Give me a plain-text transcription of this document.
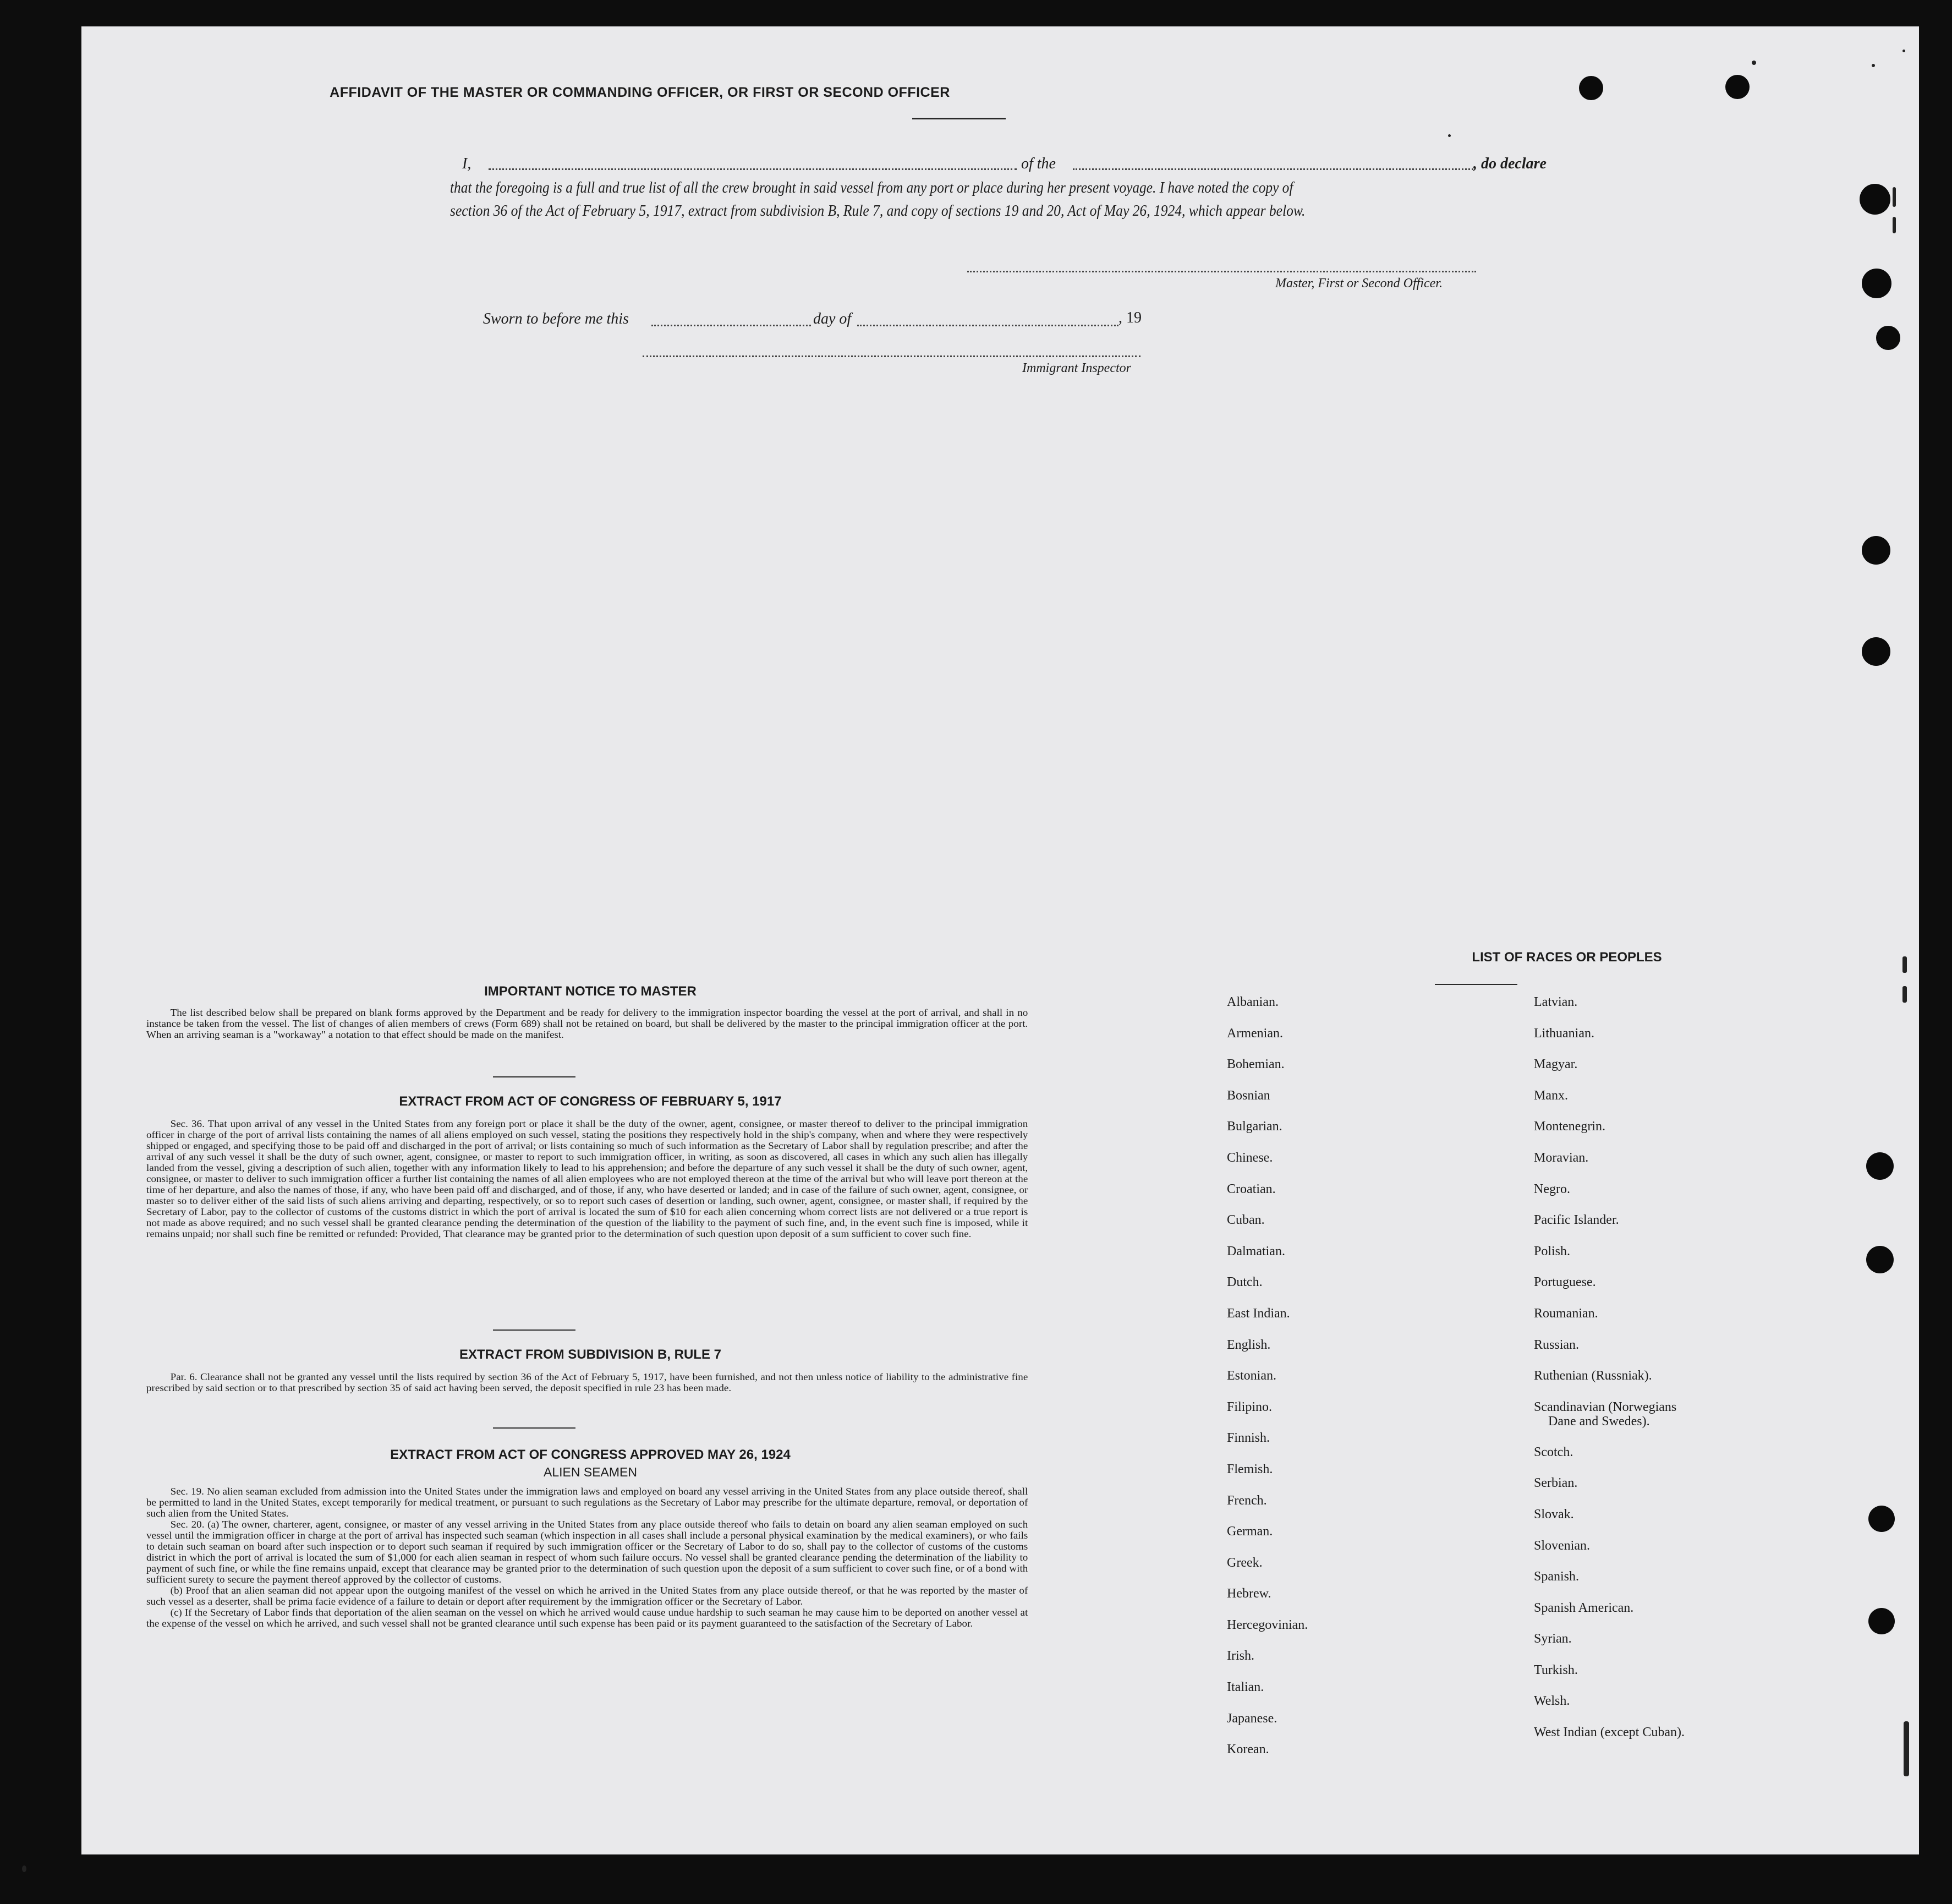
AFFIDAVIT OF THE MASTER OR COMMANDING OFFICER, OR FIRST OR SECOND OFFICER
I,	of the	, do declare
that the foregoing is a full and true list of all the crew brought in said vessel from any port or place during her present voyage. I have noted the copy of
section 36 of the Act of February 5, 1917, extract from subdivision B, Rule 7, and copy of sections 19 and 20, Act of May 26, 1924, which appear below.
Master, First or Second Officer.
Sworn to before me this	day of	, 19
Immigrant Inspector
IMPORTANT NOTICE TO MASTER
The list described below shall be prepared on blank forms approved by the Department and be ready for delivery to the immigration inspector boarding the vessel at the port of arrival, and shall in no instance be taken from the vessel. The list of changes of alien members of crews (Form 689) shall not be retained on board, but shall be delivered by the master to the principal immigration officer at the port. When an arriving seaman is a "workaway" a notation to that effect should be made on the manifest.
EXTRACT FROM ACT OF CONGRESS OF FEBRUARY 5, 1917
Sec. 36. That upon arrival of any vessel in the United States from any foreign port or place it shall be the duty of the owner, agent, consignee, or master thereof to deliver to the principal immigration officer in charge of the port of arrival lists containing the names of all aliens employed on such vessel, stating the positions they respectively hold in the ship's company, when and where they were respectively shipped or engaged, and specifying those to be paid off and discharged in the port of arrival; or lists containing so much of such information as the Secretary of Labor shall by regulation prescribe; and after the arrival of any such vessel it shall be the duty of such owner, agent, consignee, or master to report to such immigration officer, in writing, as soon as discovered, all cases in which any such alien has illegally landed from the vessel, giving a description of such alien, together with any information likely to lead to his apprehension; and before the departure of any such vessel it shall be the duty of such owner, agent, consignee, or master to deliver to such immigration officer a further list containing the names of all alien employees who are not employed thereon at the time of the arrival but who will leave port thereon at the time of her departure, and also the names of those, if any, who have been paid off and discharged, and of those, if any, who have deserted or landed; and in case of the failure of such owner, agent, consignee, or master so to deliver either of the said lists of such aliens arriving and departing, respectively, or so to report such cases of desertion or landing, such owner, agent, consignee, or master shall, if required by the Secretary of Labor, pay to the collector of customs of the customs district in which the port of arrival is located the sum of $10 for each alien concerning whom correct lists are not delivered or a true report is not made as above required; and no such vessel shall be granted clearance pending the determination of the question of the liability to the payment of such fine, and, in the event such fine is imposed, while it remains unpaid; nor shall such fine be remitted or refunded: Provided, That clearance may be granted prior to the determination of such question upon deposit of a sum sufficient to cover such fine.
EXTRACT FROM SUBDIVISION B, RULE 7
Par. 6. Clearance shall not be granted any vessel until the lists required by section 36 of the Act of February 5, 1917, have been furnished, and not then unless notice of liability to the administrative fine prescribed by said section or to that prescribed by section 35 of said act having been served, the deposit specified in rule 23 has been made.
EXTRACT FROM ACT OF CONGRESS APPROVED MAY 26, 1924
ALIEN SEAMEN

Sec. 19. No alien seaman excluded from admission into the United States under the immigration laws and employed on board any vessel arriving in the United States from any place outside thereof, shall be permitted to land in the United States, except temporarily for medical treatment, or pursuant to such regulations as the Secretary of Labor may prescribe for the ultimate departure, removal, or deportation of such alien from the United States.

Sec. 20. (a) The owner, charterer, agent, consignee, or master of any vessel arriving in the United States from any place outside thereof who fails to detain on board any alien seaman employed on such vessel until the immigration officer in charge at the port of arrival has inspected such seaman (which inspection in all cases shall include a personal physical examination by the medical examiners), or who fails to detain such seaman on board after such inspection or to deport such seaman if required by such immigration officer or the Secretary of Labor to do so, shall pay to the collector of customs of the customs district in which the port of arrival is located the sum of $1,000 for each alien seaman in respect of whom such failure occurs. No vessel shall be granted clearance pending the determination of the liability to payment of such fine, or while the fine remains unpaid, except that clearance may be granted prior to the determination of such question upon the deposit of a sum sufficient to cover such fine, or of a bond with sufficient surety to secure the payment thereof approved by the collector of customs.

(b) Proof that an alien seaman did not appear upon the outgoing manifest of the vessel on which he arrived in the United States from any place outside thereof, or that he was reported by the master of such vessel as a deserter, shall be prima facie evidence of a failure to detain or deport after requirement by the immigration officer or the Secretary of Labor.

(c) If the Secretary of Labor finds that deportation of the alien seaman on the vessel on which he arrived would cause undue hardship to such seaman he may cause him to be deported on another vessel at the expense of the vessel on which he arrived, and such vessel shall not be granted clearance until such expense has been paid or its payment guaranteed to the satisfaction of the Secretary of Labor.

LIST OF RACES OR PEOPLES
Albanian.
Armenian.
Bohemian.
Bosnian
Bulgarian.
Chinese.
Croatian.
Cuban.
Dalmatian.
Dutch.
East Indian.
English.
Estonian.
Filipino.
Finnish.
Flemish.
French.
German.
Greek.
Hebrew.
Hercegovinian.
Irish.
Italian.
Japanese.
Korean.
Latvian.
Lithuanian.
Magyar.
Manx.
Montenegrin.
Moravian.
Negro.
Pacific Islander.
Polish.
Portuguese.
Roumanian.
Russian.
Ruthenian (Russniak).
Scandinavian (Norwegians
Dane and Swedes).
Scotch.
Serbian.
Slovak.
Slovenian.
Spanish.
Spanish American.
Syrian.
Turkish.
Welsh.
West Indian (except Cuban).
